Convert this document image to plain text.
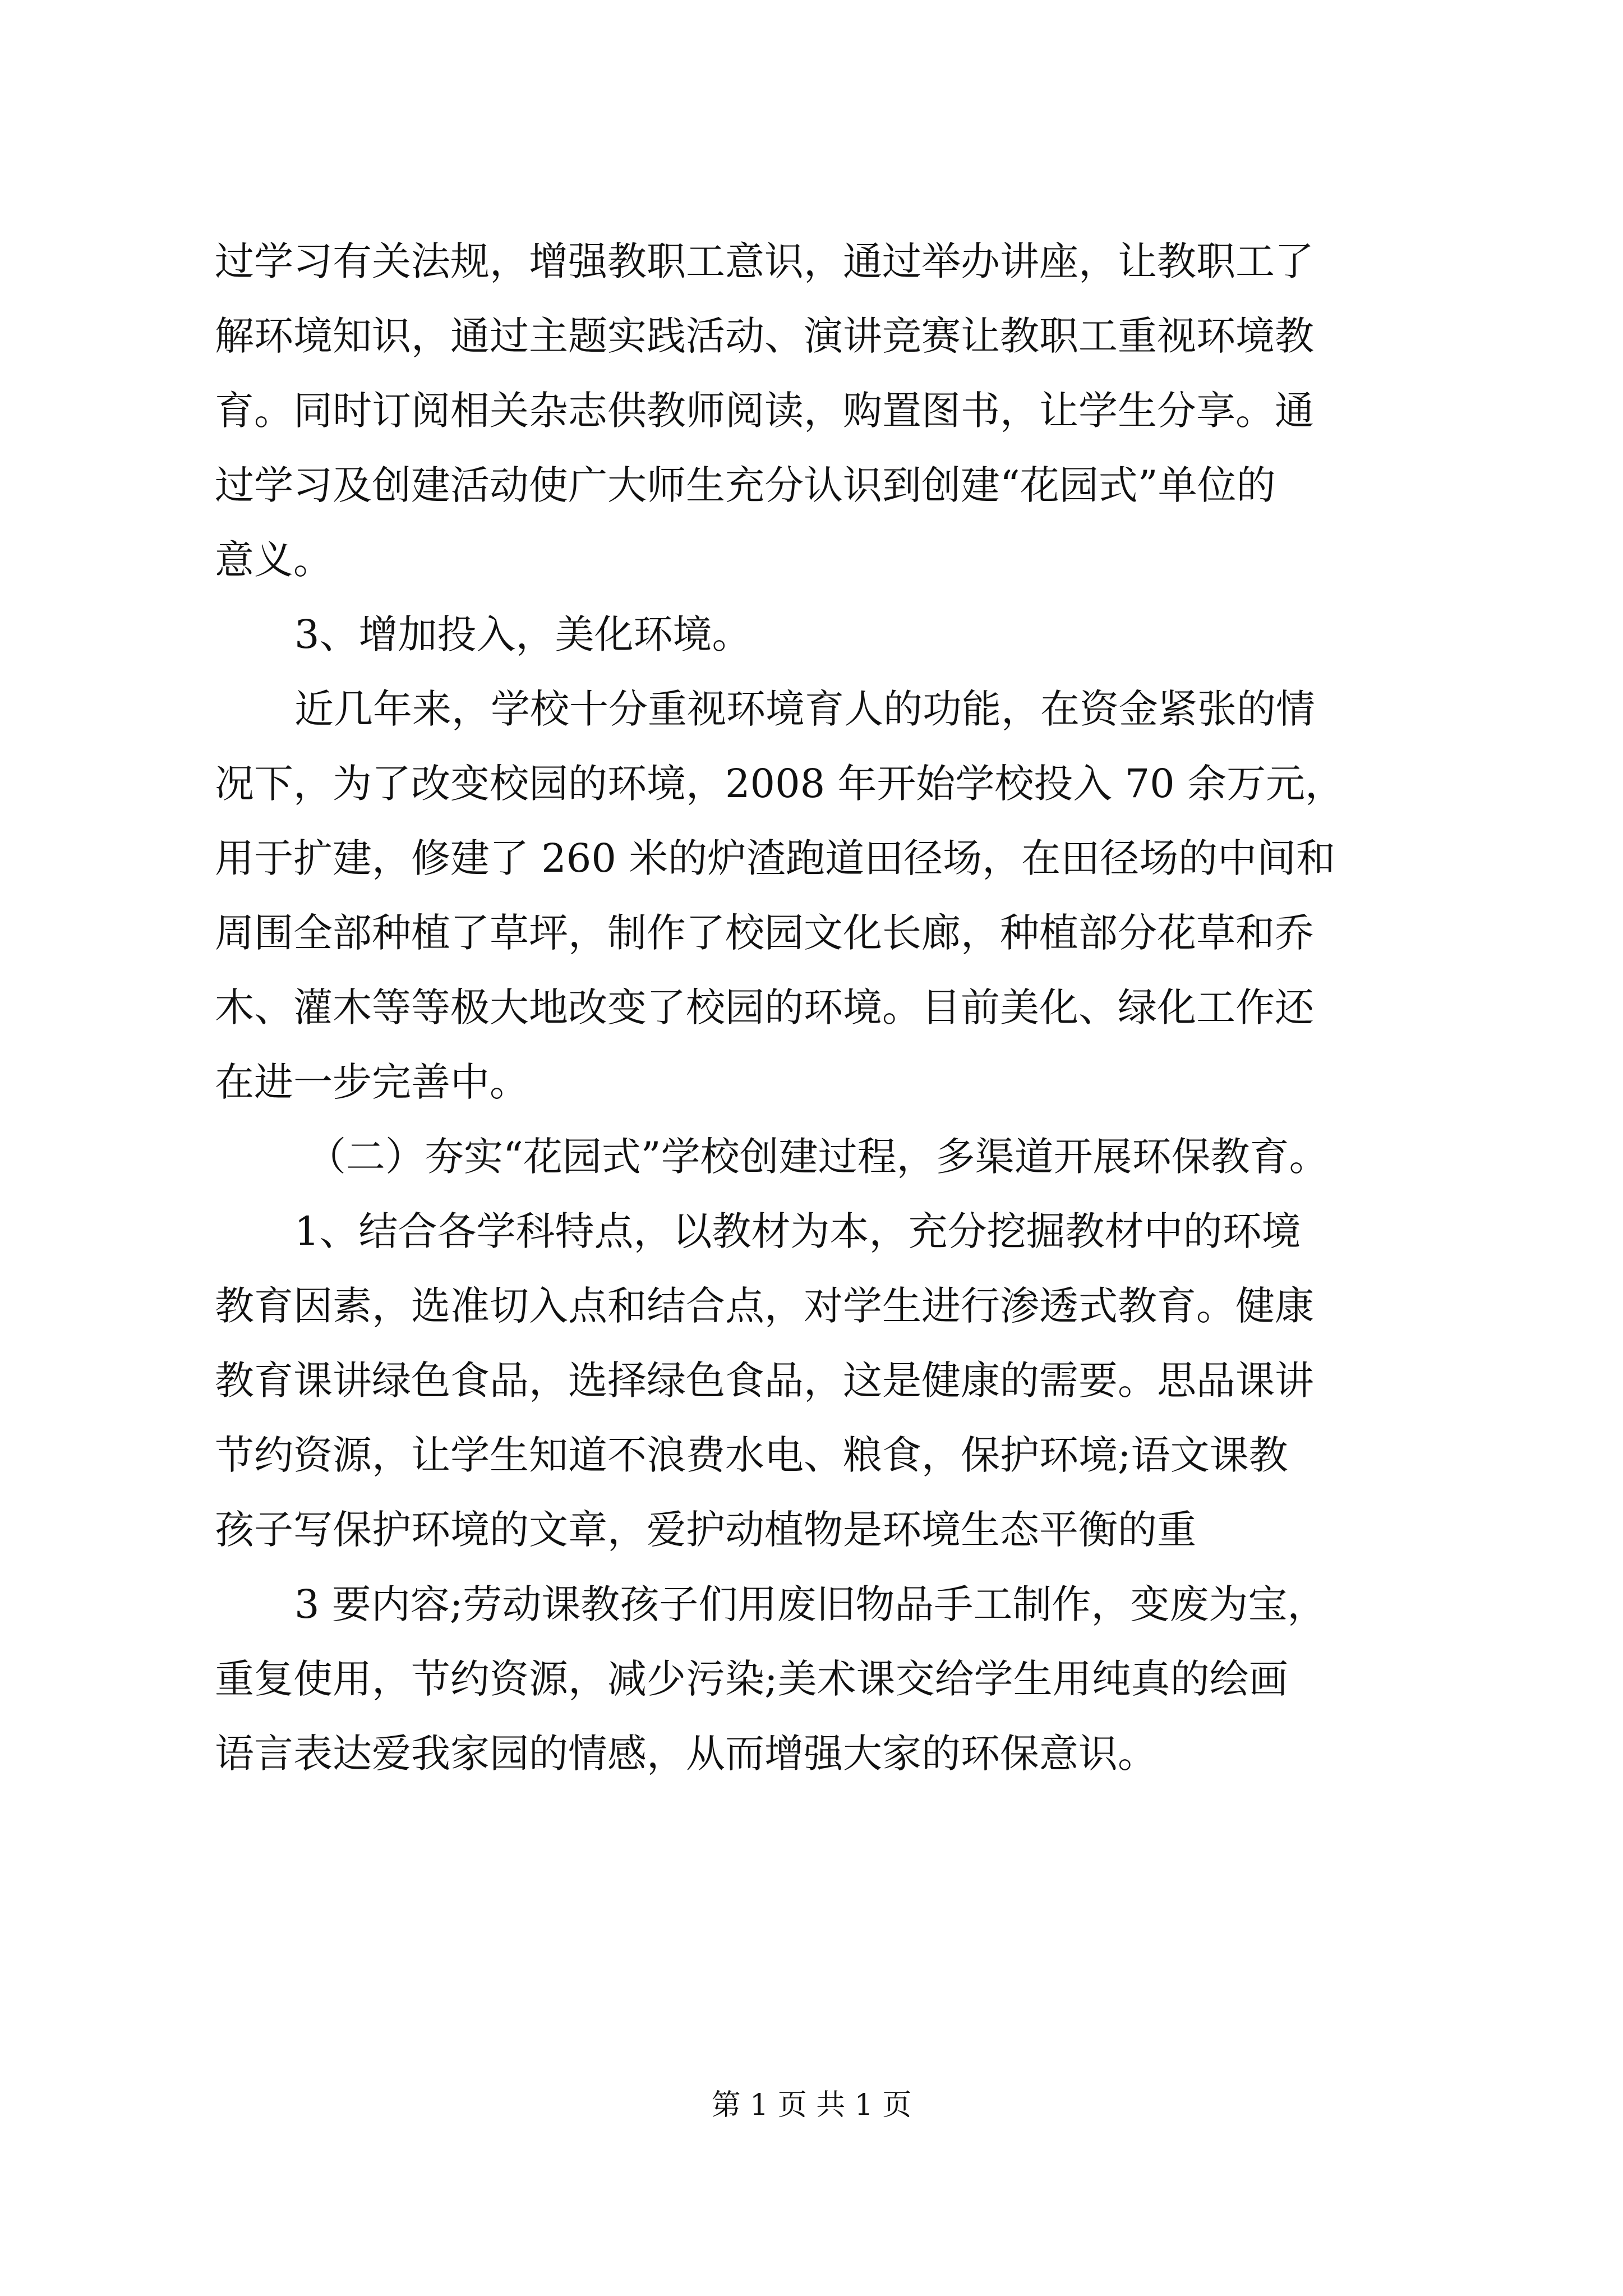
过学习有关法规，增强教职工意识，通过举办讲座，让教职工了
解环境知识，通过主题实践活动、演讲竞赛让教职工重视环境教
育。同时订阅相关杂志供教师阅读，购置图书，让学生分享。通
过学习及创建活动使广大师生充分认识到创建“花园式”单位的
意义。
3、增加投入，美化环境。
近几年来，学校十分重视环境育人的功能，在资金紧张的情
况下，为了改变校园的环境，2008 年开始学校投入 70 余万元，
用于扩建，修建了 260 米的炉渣跑道田径场，在田径场的中间和
周围全部种植了草坪，制作了校园文化长廊，种植部分花草和乔
木、灌木等等极大地改变了校园的环境。目前美化、绿化工作还
在进一步完善中。
（二）夯实“花园式”学校创建过程，多渠道开展环保教育。
1、结合各学科特点，以教材为本，充分挖掘教材中的环境
教育因素，选准切入点和结合点，对学生进行渗透式教育。健康
教育课讲绿色食品，选择绿色食品，这是健康的需要。思品课讲
节约资源，让学生知道不浪费水电、粮食，保护环境;语文课教
孩子写保护环境的文章，爱护动植物是环境生态平衡的重
3 要内容;劳动课教孩子们用废旧物品手工制作，变废为宝，
重复使用，节约资源，减少污染;美术课交给学生用纯真的绘画
语言表达爱我家园的情感，从而增强大家的环保意识。
第 1 页 共 1 页
